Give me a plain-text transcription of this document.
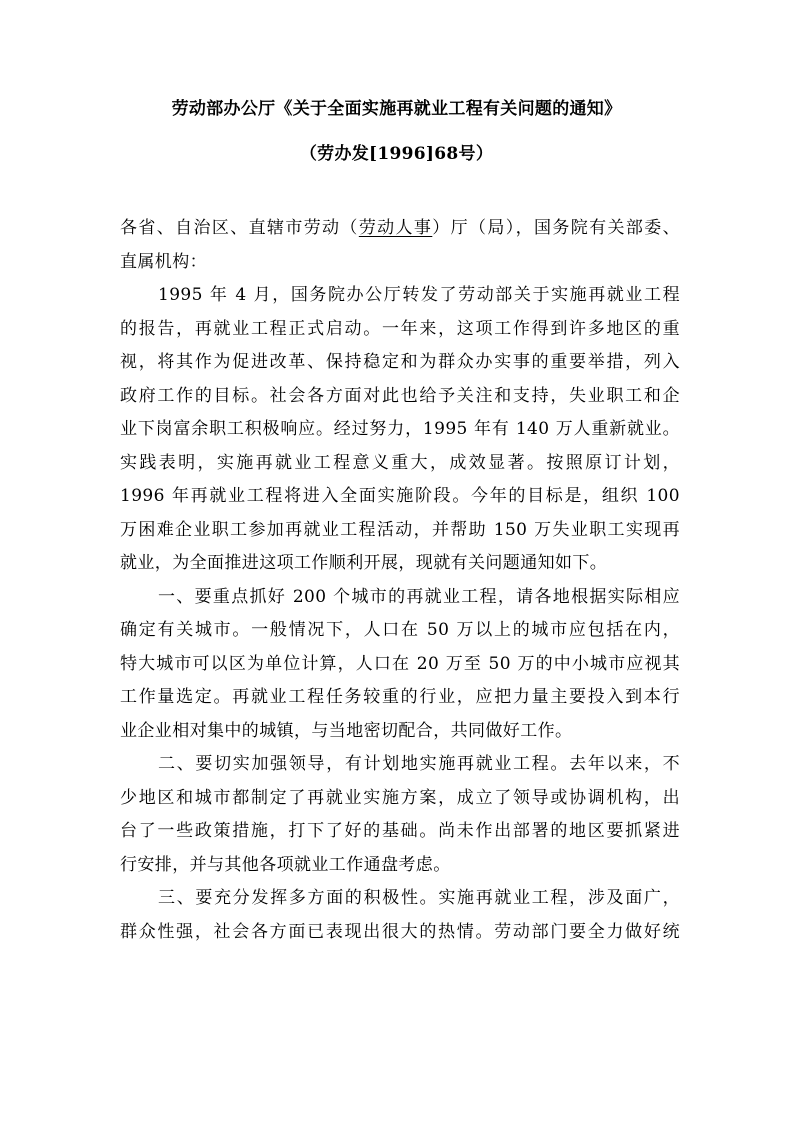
劳动部办公厅《关于全面实施再就业工程有关问题的通知》
（劳办发[1996]68号）
各省、自治区、直辖市劳动（劳动人事）厅（局），国务院有关部委、
直属机构：
1995 年 4 月，国务院办公厅转发了劳动部关于实施再就业工程
的报告，再就业工程正式启动。一年来，这项工作得到许多地区的重
视，将其作为促进改革、保持稳定和为群众办实事的重要举措，列入
政府工作的目标。社会各方面对此也给予关注和支持，失业职工和企
业下岗富余职工积极响应。经过努力，1995 年有 140 万人重新就业。
实践表明，实施再就业工程意义重大，成效显著。按照原订计划，
1996 年再就业工程将进入全面实施阶段。今年的目标是，组织 100
万困难企业职工参加再就业工程活动，并帮助 150 万失业职工实现再
就业，为全面推进这项工作顺利开展，现就有关问题通知如下。
一、要重点抓好 200 个城市的再就业工程，请各地根据实际相应
确定有关城市。一般情况下，人口在 50 万以上的城市应包括在内，
特大城市可以区为单位计算，人口在 20 万至 50 万的中小城市应视其
工作量选定。再就业工程任务较重的行业，应把力量主要投入到本行
业企业相对集中的城镇，与当地密切配合，共同做好工作。
二、要切实加强领导，有计划地实施再就业工程。去年以来，不
少地区和城市都制定了再就业实施方案，成立了领导或协调机构，出
台了一些政策措施，打下了好的基础。尚未作出部署的地区要抓紧进
行安排，并与其他各项就业工作通盘考虑。
三、要充分发挥多方面的积极性。实施再就业工程，涉及面广，
群众性强，社会各方面已表现出很大的热情。劳动部门要全力做好统
